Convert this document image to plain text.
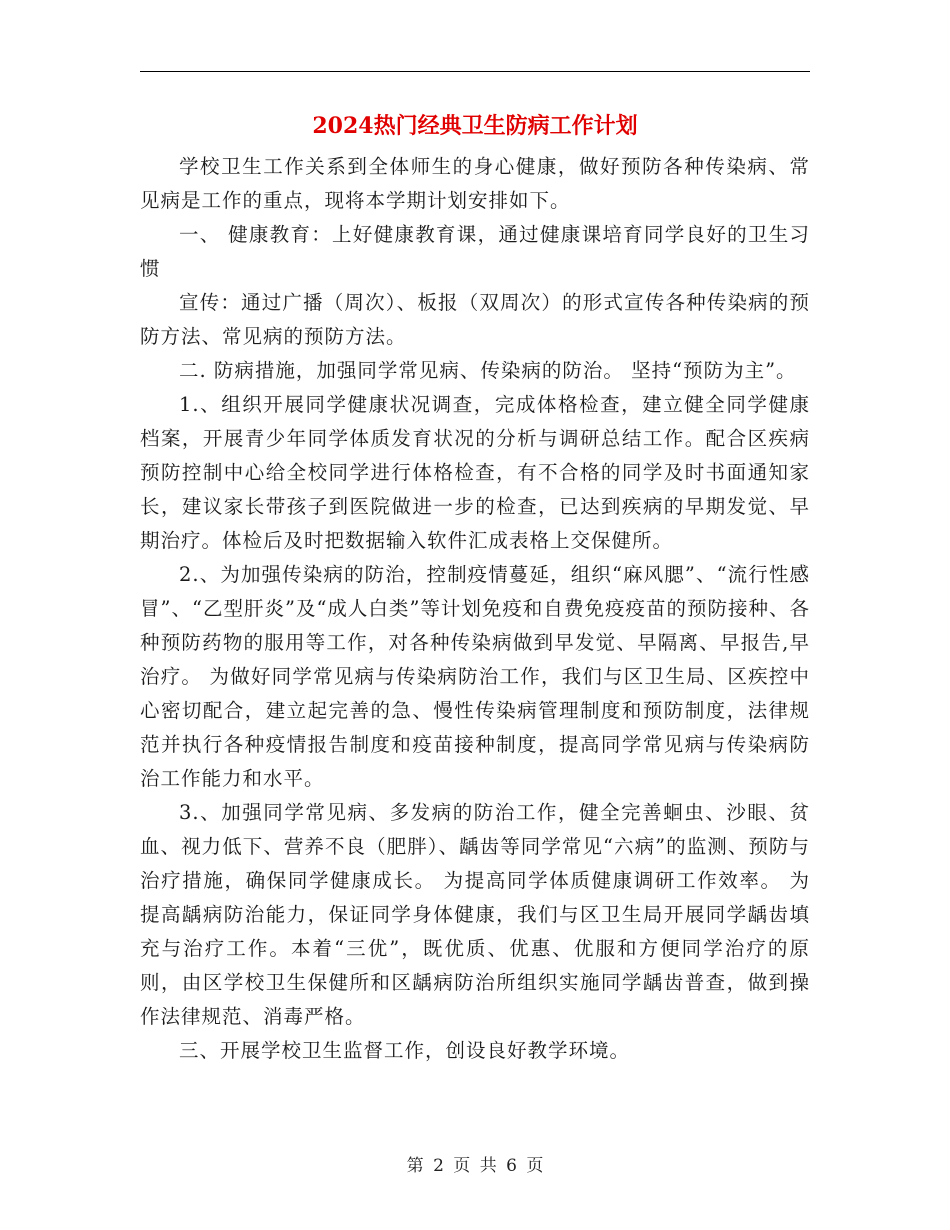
2024热门经典卫生防病工作计划

学校卫生工作关系到全体师生的身心健康，做好预防各种传染病、常见病是工作的重点，现将本学期计划安排如下。

一、 健康教育：上好健康教育课，通过健康课培育同学良好的卫生习惯

宣传：通过广播（周次）、板报（双周次）的形式宣传各种传染病的预防方法、常见病的预防方法。

二. 防病措施，加强同学常见病、传染病的防治。 坚持“预防为主”。

1.、组织开展同学健康状况调查，完成体格检查，建立健全同学健康档案，开展青少年同学体质发育状况的分析与调研总结工作。配合区疾病预防控制中心给全校同学进行体格检查，有不合格的同学及时书面通知家长，建议家长带孩子到医院做进一步的检查，已达到疾病的早期发觉、早期治疗。体检后及时把数据输入软件汇成表格上交保健所。

2.、为加强传染病的防治，控制疫情蔓延，组织“麻风腮”、“流行性感冒”、“乙型肝炎”及“成人白类”等计划免疫和自费免疫疫苗的预防接种、各种预防药物的服用等工作，对各种传染病做到早发觉、早隔离、早报告,早治疗。 为做好同学常见病与传染病防治工作，我们与区卫生局、区疾控中心密切配合，建立起完善的急、慢性传染病管理制度和预防制度，法律规范并执行各种疫情报告制度和疫苗接种制度，提高同学常见病与传染病防治工作能力和水平。

3.、加强同学常见病、多发病的防治工作，健全完善蛔虫、沙眼、贫血、视力低下、营养不良（肥胖）、龋齿等同学常见“六病”的监测、预防与治疗措施，确保同学健康成长。 为提高同学体质健康调研工作效率。 为提高龋病防治能力，保证同学身体健康，我们与区卫生局开展同学龋齿填充与治疗工作。本着“三优”，既优质、优惠、优服和方便同学治疗的原则，由区学校卫生保健所和区龋病防治所组织实施同学龋齿普查，做到操作法律规范、消毒严格。

三、开展学校卫生监督工作，创设良好教学环境。

第 2 页 共 6 页
